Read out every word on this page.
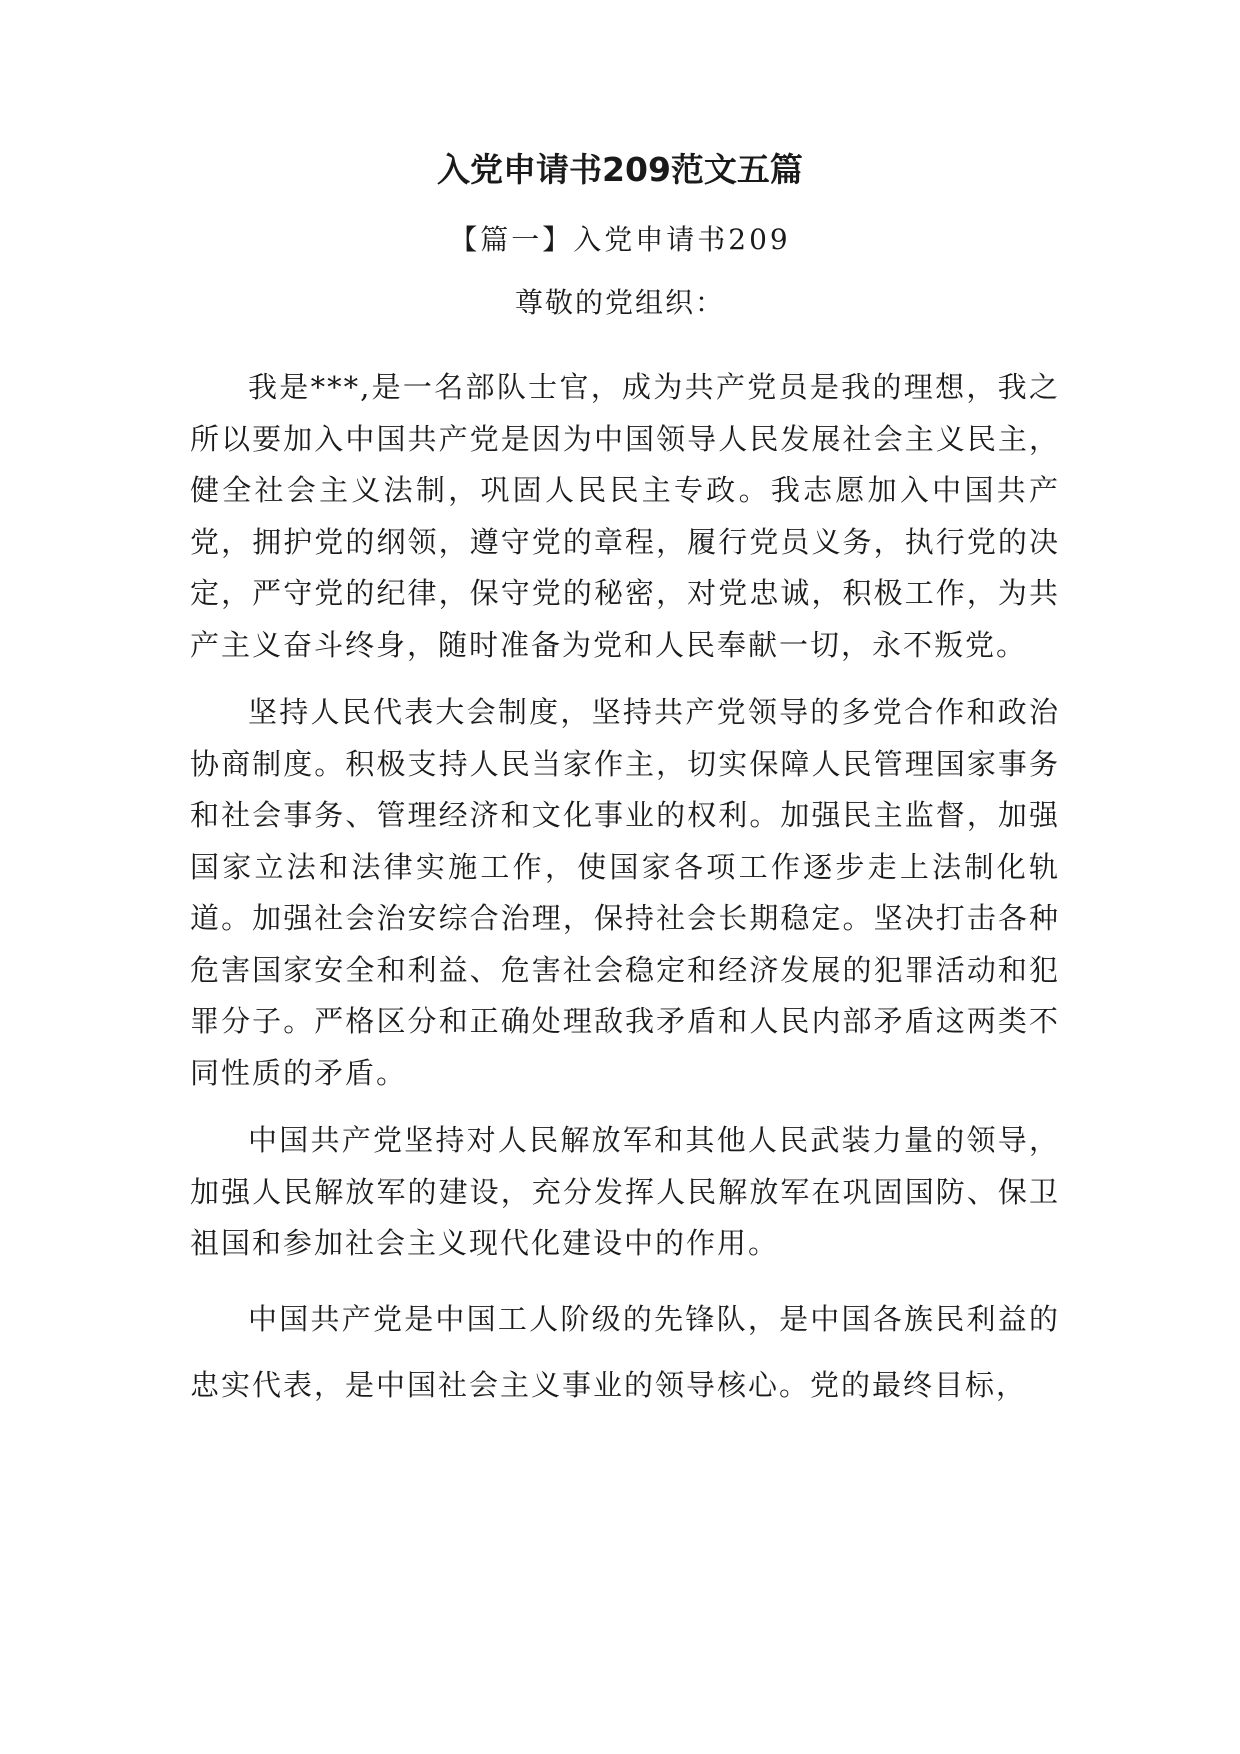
入党申请书209范文五篇
【篇一】入党申请书209
尊敬的党组织：

我是***,是一名部队士官，成为共产党员是我的理想，我之所以要加入中国共产党是因为中国领导人民发展社会主义民主，健全社会主义法制，巩固人民民主专政。我志愿加入中国共产党，拥护党的纲领，遵守党的章程，履行党员义务，执行党的决定，严守党的纪律，保守党的秘密，对党忠诚，积极工作，为共产主义奋斗终身，随时准备为党和人民奉献一切，永不叛党。

坚持人民代表大会制度，坚持共产党领导的多党合作和政治协商制度。积极支持人民当家作主，切实保障人民管理国家事务和社会事务、管理经济和文化事业的权利。加强民主监督，加强国家立法和法律实施工作，使国家各项工作逐步走上法制化轨道。加强社会治安综合治理，保持社会长期稳定。坚决打击各种危害国家安全和利益、危害社会稳定和经济发展的犯罪活动和犯罪分子。严格区分和正确处理敌我矛盾和人民内部矛盾这两类不同性质的矛盾。

中国共产党坚持对人民解放军和其他人民武装力量的领导，加强人民解放军的建设，充分发挥人民解放军在巩固国防、保卫祖国和参加社会主义现代化建设中的作用。

中国共产党是中国工人阶级的先锋队，是中国各族民利益的忠实代表，是中国社会主义事业的领导核心。党的最终目标，
